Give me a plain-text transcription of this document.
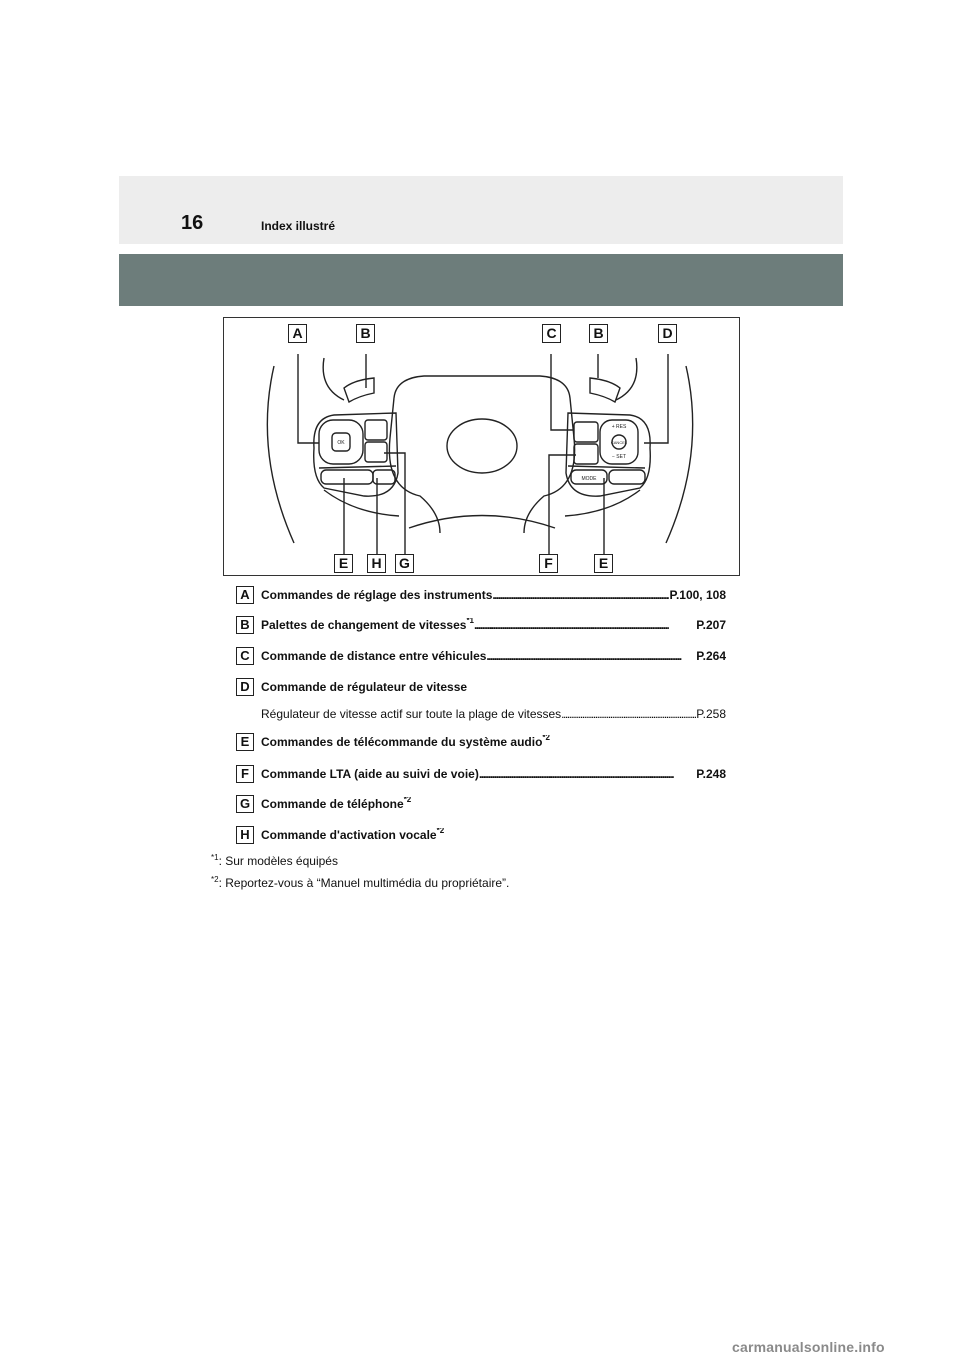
16	Index illustré
OK
+ RES
CANCEL
− SET
MODE
A	B	C	B	D
E	H	G	F	E
A Commandes de réglage des instruments . . .	P.100, 108
B Palettes de changement de vitesses$^{*1}$ . . .	P.207
C Commande de distance entre véhicules . . .	P.264
D Commande de régulateur de vitesse
Régulateur de vitesse actif sur toute la plage de vitesses . . .	P.258
E Commandes de télécommande du système audio$^{*2}$
F	Commande LTA (aide au suivi de voie) . . .	P.248
G Commande de téléphone$^{*2}$
H Commande d'activation vocale$^{*2}$
$^{*1}$: Sur modèles équipés
$^{*2}$: Reportez-vous à “Manuel multimédia du propriétaire”.
carmanualsonline.info
